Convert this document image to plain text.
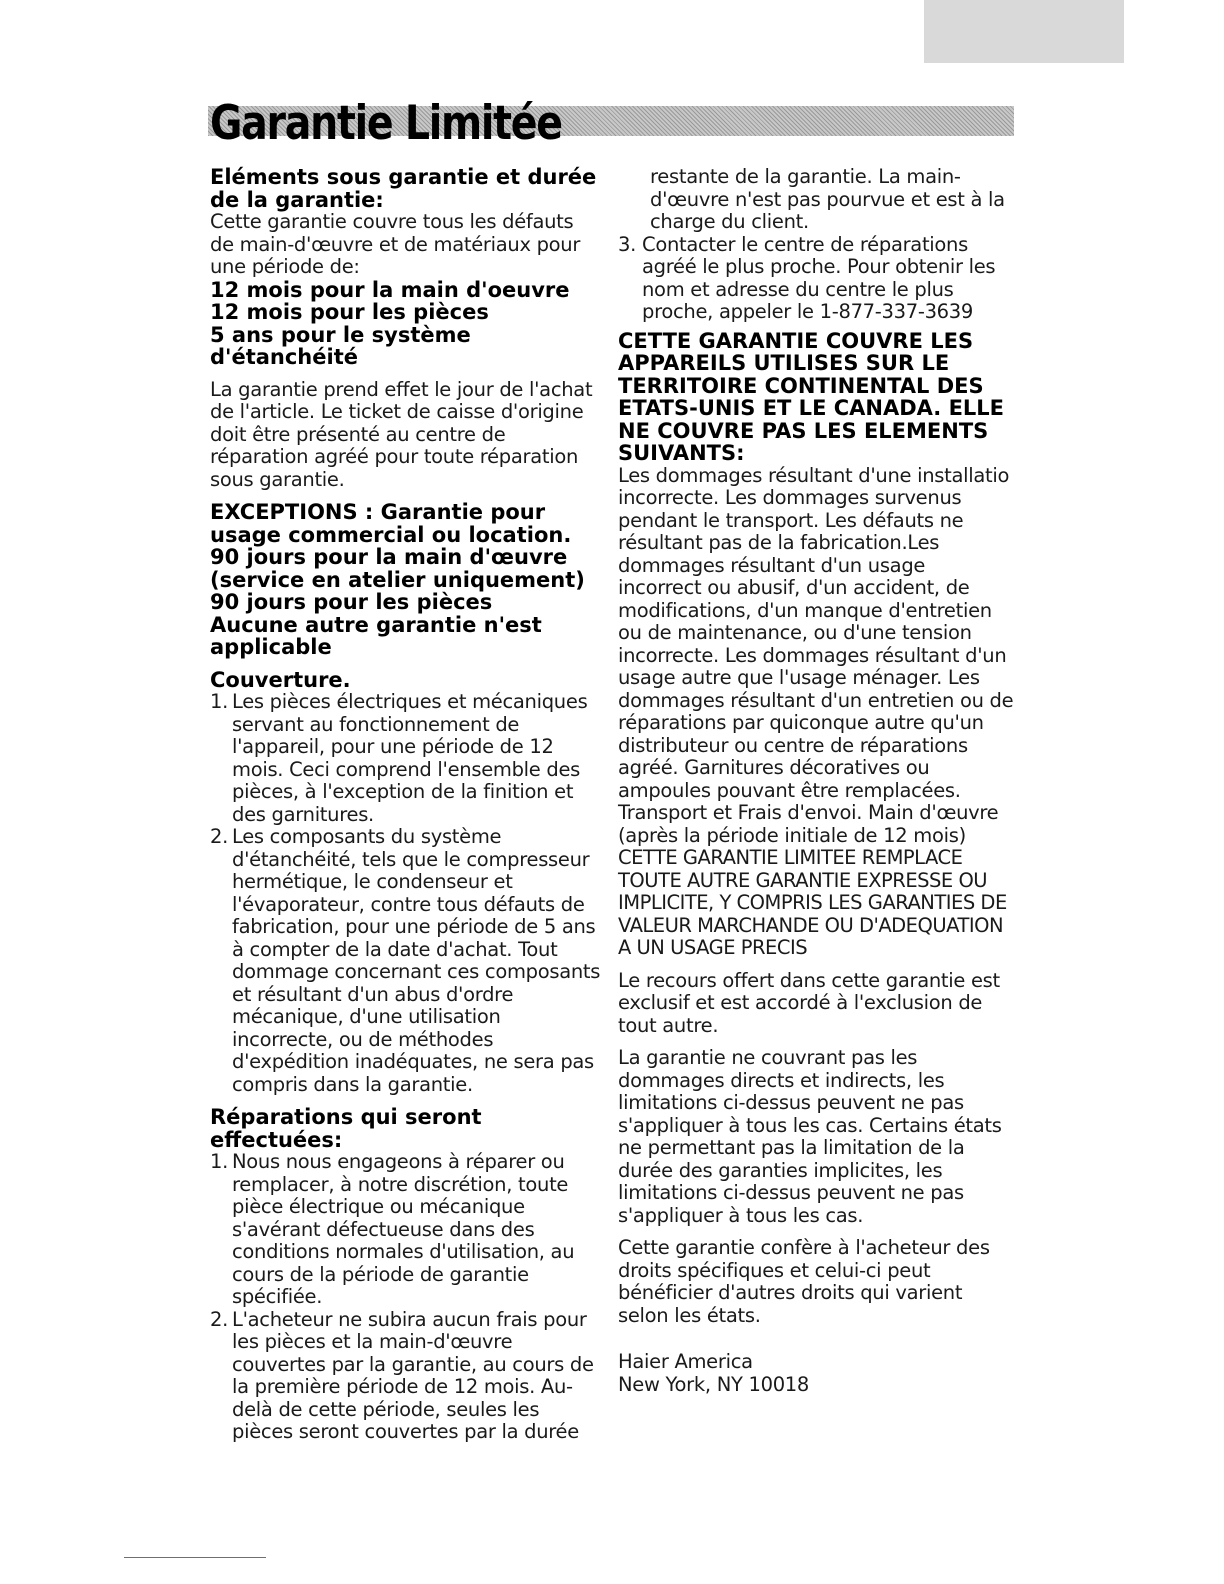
Garantie Limitée

Eléments sous garantie et durée de la garantie:

Cette garantie couvre tous les défauts de main-d'œuvre et de matériaux pour une période de:

12 mois pour la main d'oeuvre

12 mois pour les pièces

5 ans pour le système d'étanchéité

La garantie prend effet le jour de l'achat de l'article. Le ticket de caisse d'origine doit être présenté au centre de réparation agréé pour toute réparation sous garantie.

EXCEPTIONS : Garantie pour usage commercial ou location.

90 jours pour la main d'œuvre (service en atelier uniquement)

90 jours pour les pièces

Aucune autre garantie n'est applicable

Couverture.

1. Les pièces électriques et mécaniques servant au fonctionnement de l'appareil, pour une période de 12 mois. Ceci comprend l'ensemble des pièces, à l'exception de la finition et des garnitures.
2. Les composants du système d'étanchéité, tels que le compresseur hermétique, le condenseur et l'évaporateur, contre tous défauts de fabrication, pour une période de 5 ans à compter de la date d'achat. Tout dommage concernant ces composants et résultant d'un abus d'ordre mécanique, d'une utilisation incorrecte, ou de méthodes d'expédition inadéquates, ne sera pas compris dans la garantie.

Réparations qui seront effectuées:

1. Nous nous engageons à réparer ou remplacer, à notre discrétion, toute pièce électrique ou mécanique s'avérant défectueuse dans des conditions normales d'utilisation, au cours de la période de garantie spécifiée.
2. L'acheteur ne subira aucun frais pour les pièces et la main-d'œuvre couvertes par la garantie, au cours de la première période de 12 mois. Au-delà de cette période, seules les pièces seront couvertes par la durée

restante de la garantie. La main-d'œuvre n'est pas pourvue et est à la charge du client.

3. Contacter le centre de réparations agréé le plus proche. Pour obtenir les nom et adresse du centre le plus proche, appeler le 1-877-337-3639

CETTE GARANTIE COUVRE LES APPAREILS UTILISES SUR LE TERRITOIRE CONTINENTAL DES ETATS-UNIS ET LE CANADA. ELLE NE COUVRE PAS LES ELEMENTS SUIVANTS:

Les dommages résultant d'une installatio incorrecte. Les dommages survenus pendant le transport. Les défauts ne résultant pas de la fabrication.Les dommages résultant d'un usage incorrect ou abusif, d'un accident, de modifications, d'un manque d'entretien ou de maintenance, ou d'une tension incorrecte. Les dommages résultant d'un usage autre que l'usage ménager. Les dommages résultant d'un entretien ou de réparations par quiconque autre qu'un distributeur ou centre de réparations agréé. Garnitures décoratives ou ampoules pouvant être remplacées. Transport et Frais d'envoi. Main d'œuvre (après la période initiale de 12 mois)

CETTE GARANTIE LIMITEE REMPLACE TOUTE AUTRE GARANTIE EXPRESSE OU IMPLICITE, Y COMPRIS LES GARANTIES DE VALEUR MARCHANDE OU D'ADEQUATION A UN USAGE PRECIS

Le recours offert dans cette garantie est exclusif et est accordé à l'exclusion de tout autre.

La garantie ne couvrant pas les dommages directs et indirects, les limitations ci-dessus peuvent ne pas s'appliquer à tous les cas. Certains états ne permettant pas la limitation de la durée des garanties implicites, les limitations ci-dessus peuvent ne pas s'appliquer à tous les cas.

Cette garantie confère à l'acheteur des droits spécifiques et celui-ci peut bénéficier d'autres droits qui varient selon les états.

Haier America

New York, NY 10018
